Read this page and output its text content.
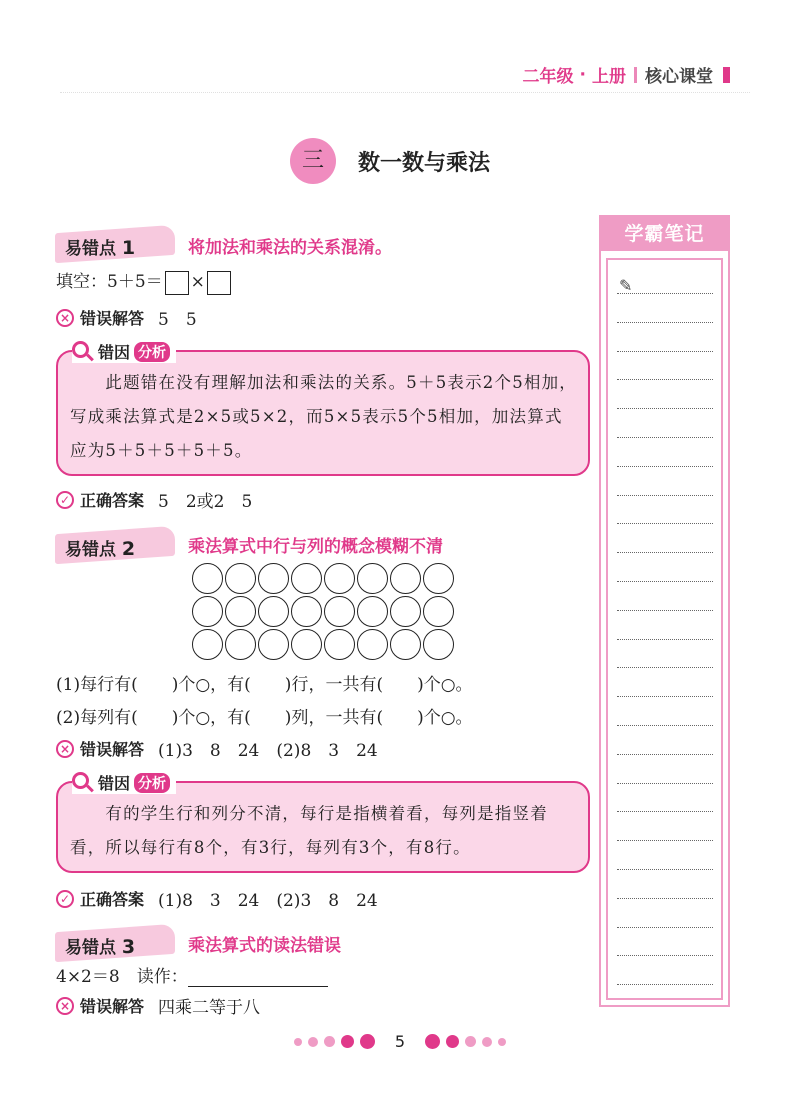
二年级 · 上册 核心课堂
三	数一数与乘法
易错点 1	将加法和乘法的关系混淆。
填空：5＋5＝ ×
× 错误解答 5　5
　　此题错在没有理解加法和乘法的关系。5＋5表示2个5相加，写成乘法算式是2×5或5×2，而5×5表示5个5相加，加法算式应为5＋5＋5＋5＋5。
错因 分析
✓ 正确答案 5　2或2　5
易错点 2	乘法算式中行与列的概念模糊不清
(1)每行有(　　)个○，有(　　)行，一共有(　　)个○。
(2)每列有(　　)个○，有(　　)列，一共有(　　)个○。
× 错误解答 (1)3　8　24　(2)8　3　24
　　有的学生行和列分不清，每行是指横着看，每列是指竖着看，所以每行有8个，有3行，每列有3个，有8行。
错因 分析
✓ 正确答案 (1)8　3　24　(2)3　8　24
易错点 3	乘法算式的读法错误
4×2＝8　读作：
× 错误解答 四乘二等于八
学霸笔记
✎
5
